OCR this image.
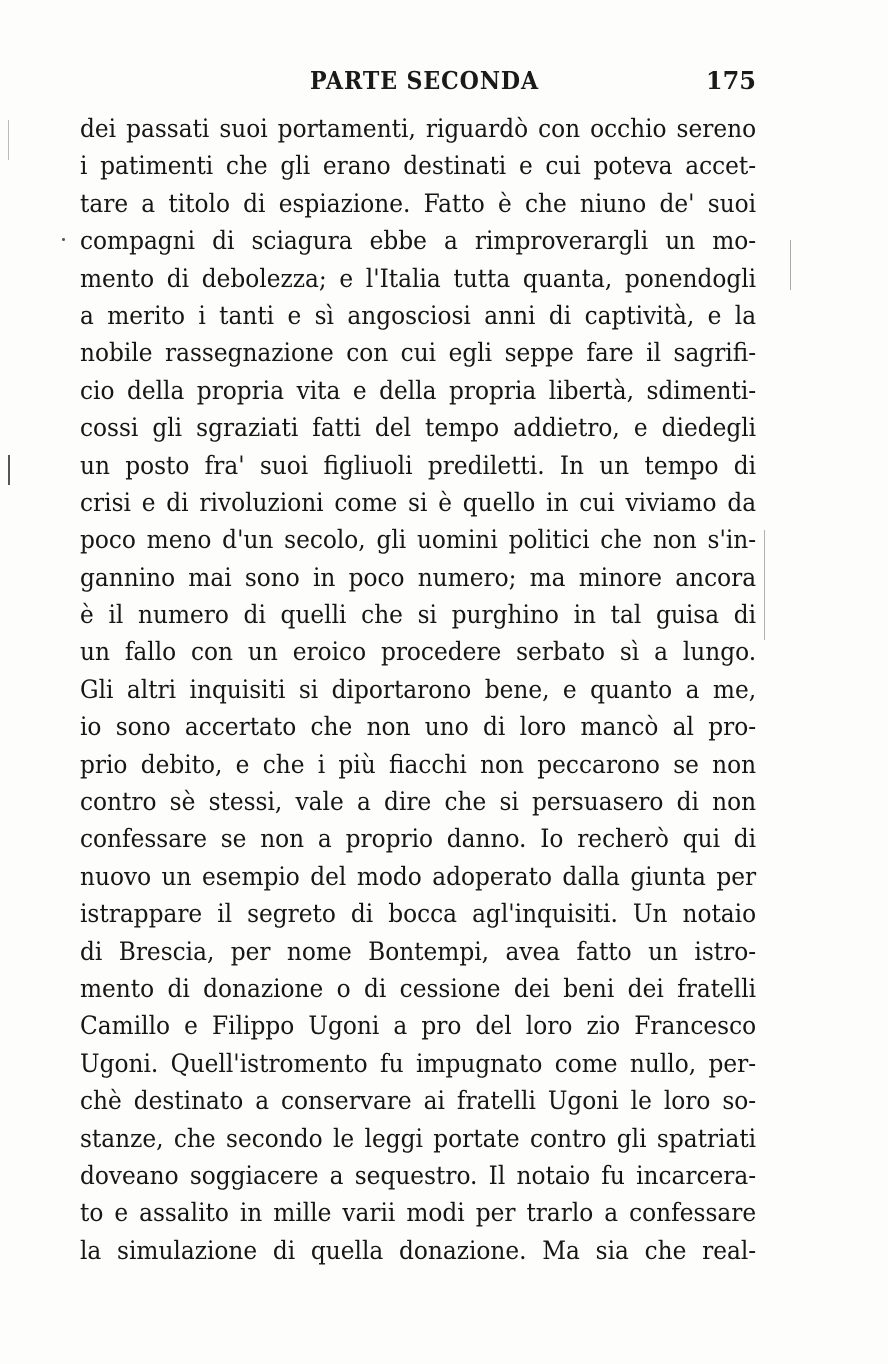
PARTE SECONDA	175
dei passati suoi portamenti, riguardò con occhio sereno
i patimenti che gli erano destinati e cui poteva accet-
tare a titolo di espiazione. Fatto è che niuno de' suoi
compagni di sciagura ebbe a rimproverargli un mo-
mento di debolezza; e l'Italia tutta quanta, ponendogli
a merito i tanti e sì angosciosi anni di captività, e la
nobile rassegnazione con cui egli seppe fare il sagrifi-
cio della propria vita e della propria libertà, sdimenti-
cossi gli sgraziati fatti del tempo addietro, e diedegli
un posto fra' suoi figliuoli prediletti. In un tempo di
crisi e di rivoluzioni come si è quello in cui viviamo da
poco meno d'un secolo, gli uomini politici che non s'in-
gannino mai sono in poco numero; ma minore ancora
è il numero di quelli che si purghino in tal guisa di
un fallo con un eroico procedere serbato sì a lungo.
Gli altri inquisiti si diportarono bene, e quanto a me,
io sono accertato che non uno di loro mancò al pro-
prio debito, e che i più fiacchi non peccarono se non
contro sè stessi, vale a dire che si persuasero di non
confessare se non a proprio danno. Io recherò qui di
nuovo un esempio del modo adoperato dalla giunta per
istrappare il segreto di bocca agl'inquisiti. Un notaio
di Brescia, per nome Bontempi, avea fatto un istro-
mento di donazione o di cessione dei beni dei fratelli
Camillo e Filippo Ugoni a pro del loro zio Francesco
Ugoni. Quell'istromento fu impugnato come nullo, per-
chè destinato a conservare ai fratelli Ugoni le loro so-
stanze, che secondo le leggi portate contro gli spatriati
doveano soggiacere a sequestro. Il notaio fu incarcera-
to e assalito in mille varii modi per trarlo a confessare
la simulazione di quella donazione. Ma sia che real-
